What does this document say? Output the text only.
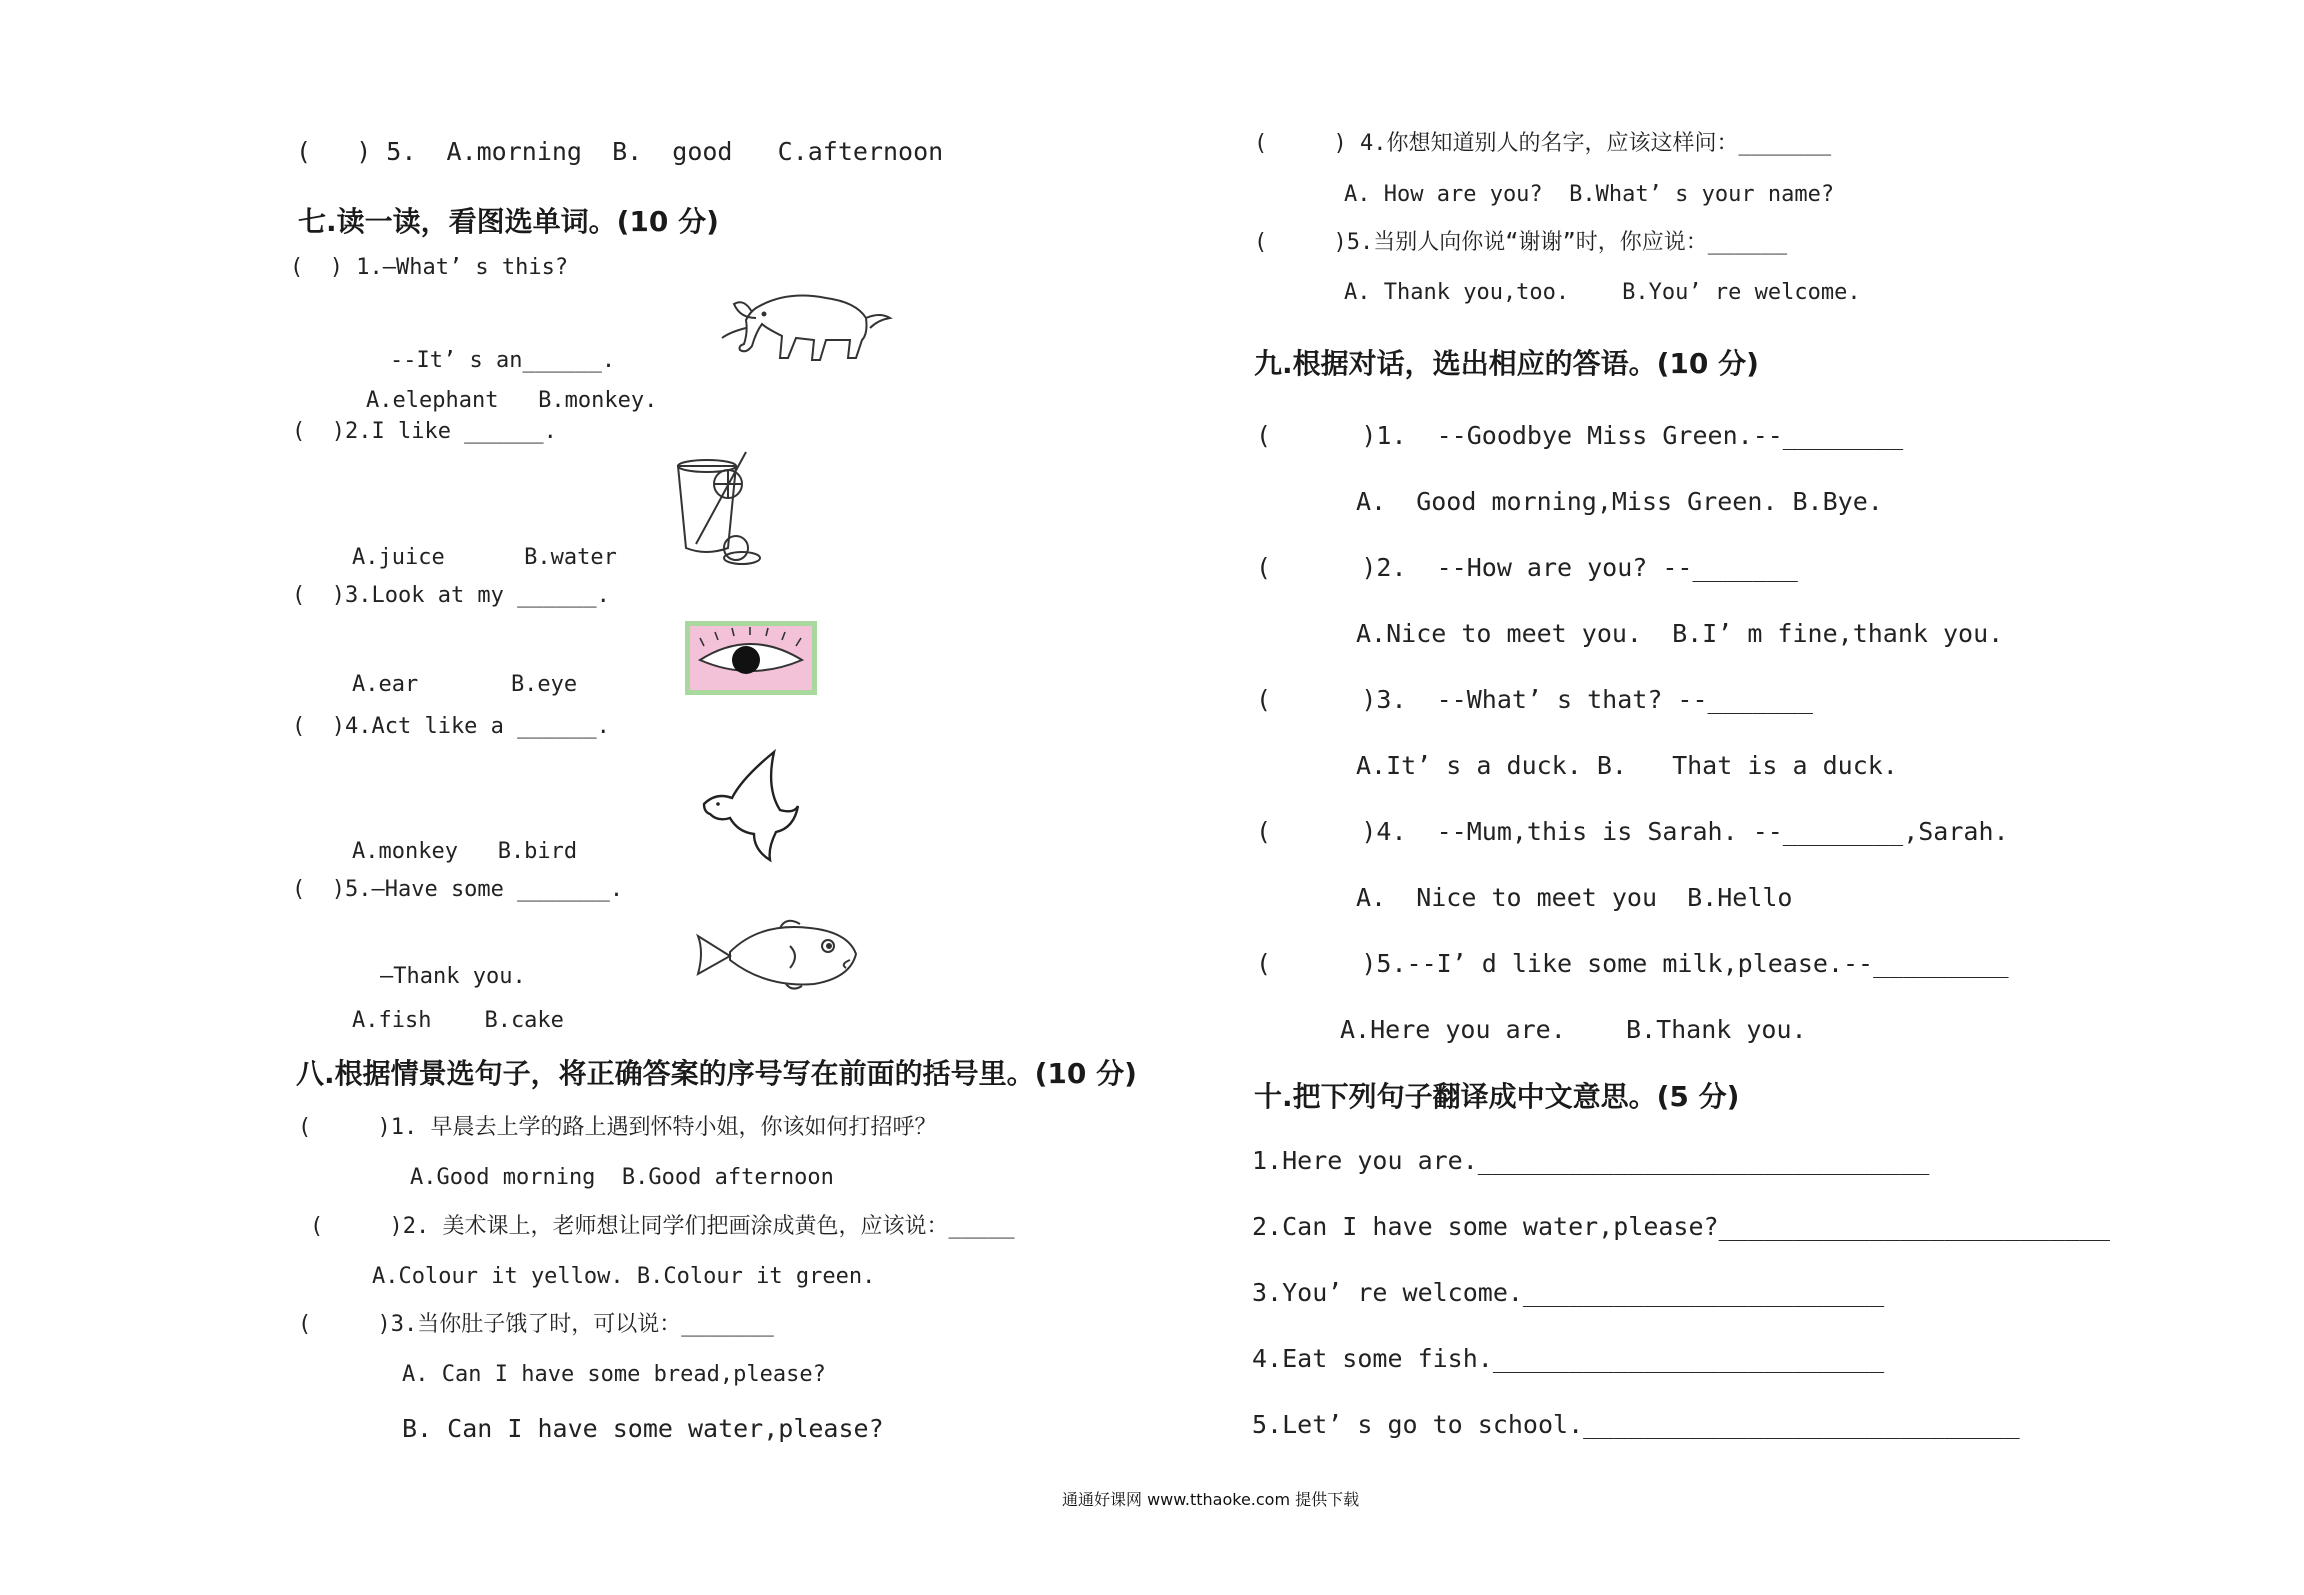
(   ) 5.  A.morning  B.  good   C.afternoon
七.读一读，看图选单词。(10 分)
(  ) 1.—What’ s this?
--It’ s an______.
A.elephant   B.monkey.
(  )2.I like ______.
A.juice      B.water
(  )3.Look at my ______.
A.ear       B.eye
(  )4.Act like a ______.
A.monkey   B.bird
(  )5.—Have some _______.
—Thank you.
A.fish    B.cake
八.根据情景选句子，将正确答案的序号写在前面的括号里。(10 分)
(     )1. 早晨去上学的路上遇到怀特小姐，你该如何打招呼？
A.Good morning  B.Good afternoon
(     )2. 美术课上，老师想让同学们把画涂成黄色，应该说：_____
A.Colour it yellow. B.Colour it green.
(     )3.当你肚子饿了时，可以说：_______
A. Can I have some bread,please?
B. Can I have some water,please?
(     ) 4.你想知道别人的名字，应该这样问：_______
A. How are you?  B.What’ s your name?
(     )5.当别人向你说“谢谢”时，你应说：______
A. Thank you,too.    B.You’ re welcome.
九.根据对话，选出相应的答语。(10 分)
(      )1.  --Goodbye Miss Green.--________
A.  Good morning,Miss Green. B.Bye.
(      )2.  --How are you? --_______
A.Nice to meet you.  B.I’ m fine,thank you.
(      )3.  --What’ s that? --_______
A.It’ s a duck. B.   That is a duck.
(      )4.  --Mum,this is Sarah. --________,Sarah.
A.  Nice to meet you  B.Hello
(      )5.--I’ d like some milk,please.--_________
A.Here you are.    B.Thank you.
十.把下列句子翻译成中文意思。(5 分)
1.Here you are.______________________________
2.Can I have some water,please?__________________________
3.You’ re welcome.________________________
4.Eat some fish.__________________________
5.Let’ s go to school._____________________________
通通好课网 www.tthaoke.com 提供下载
